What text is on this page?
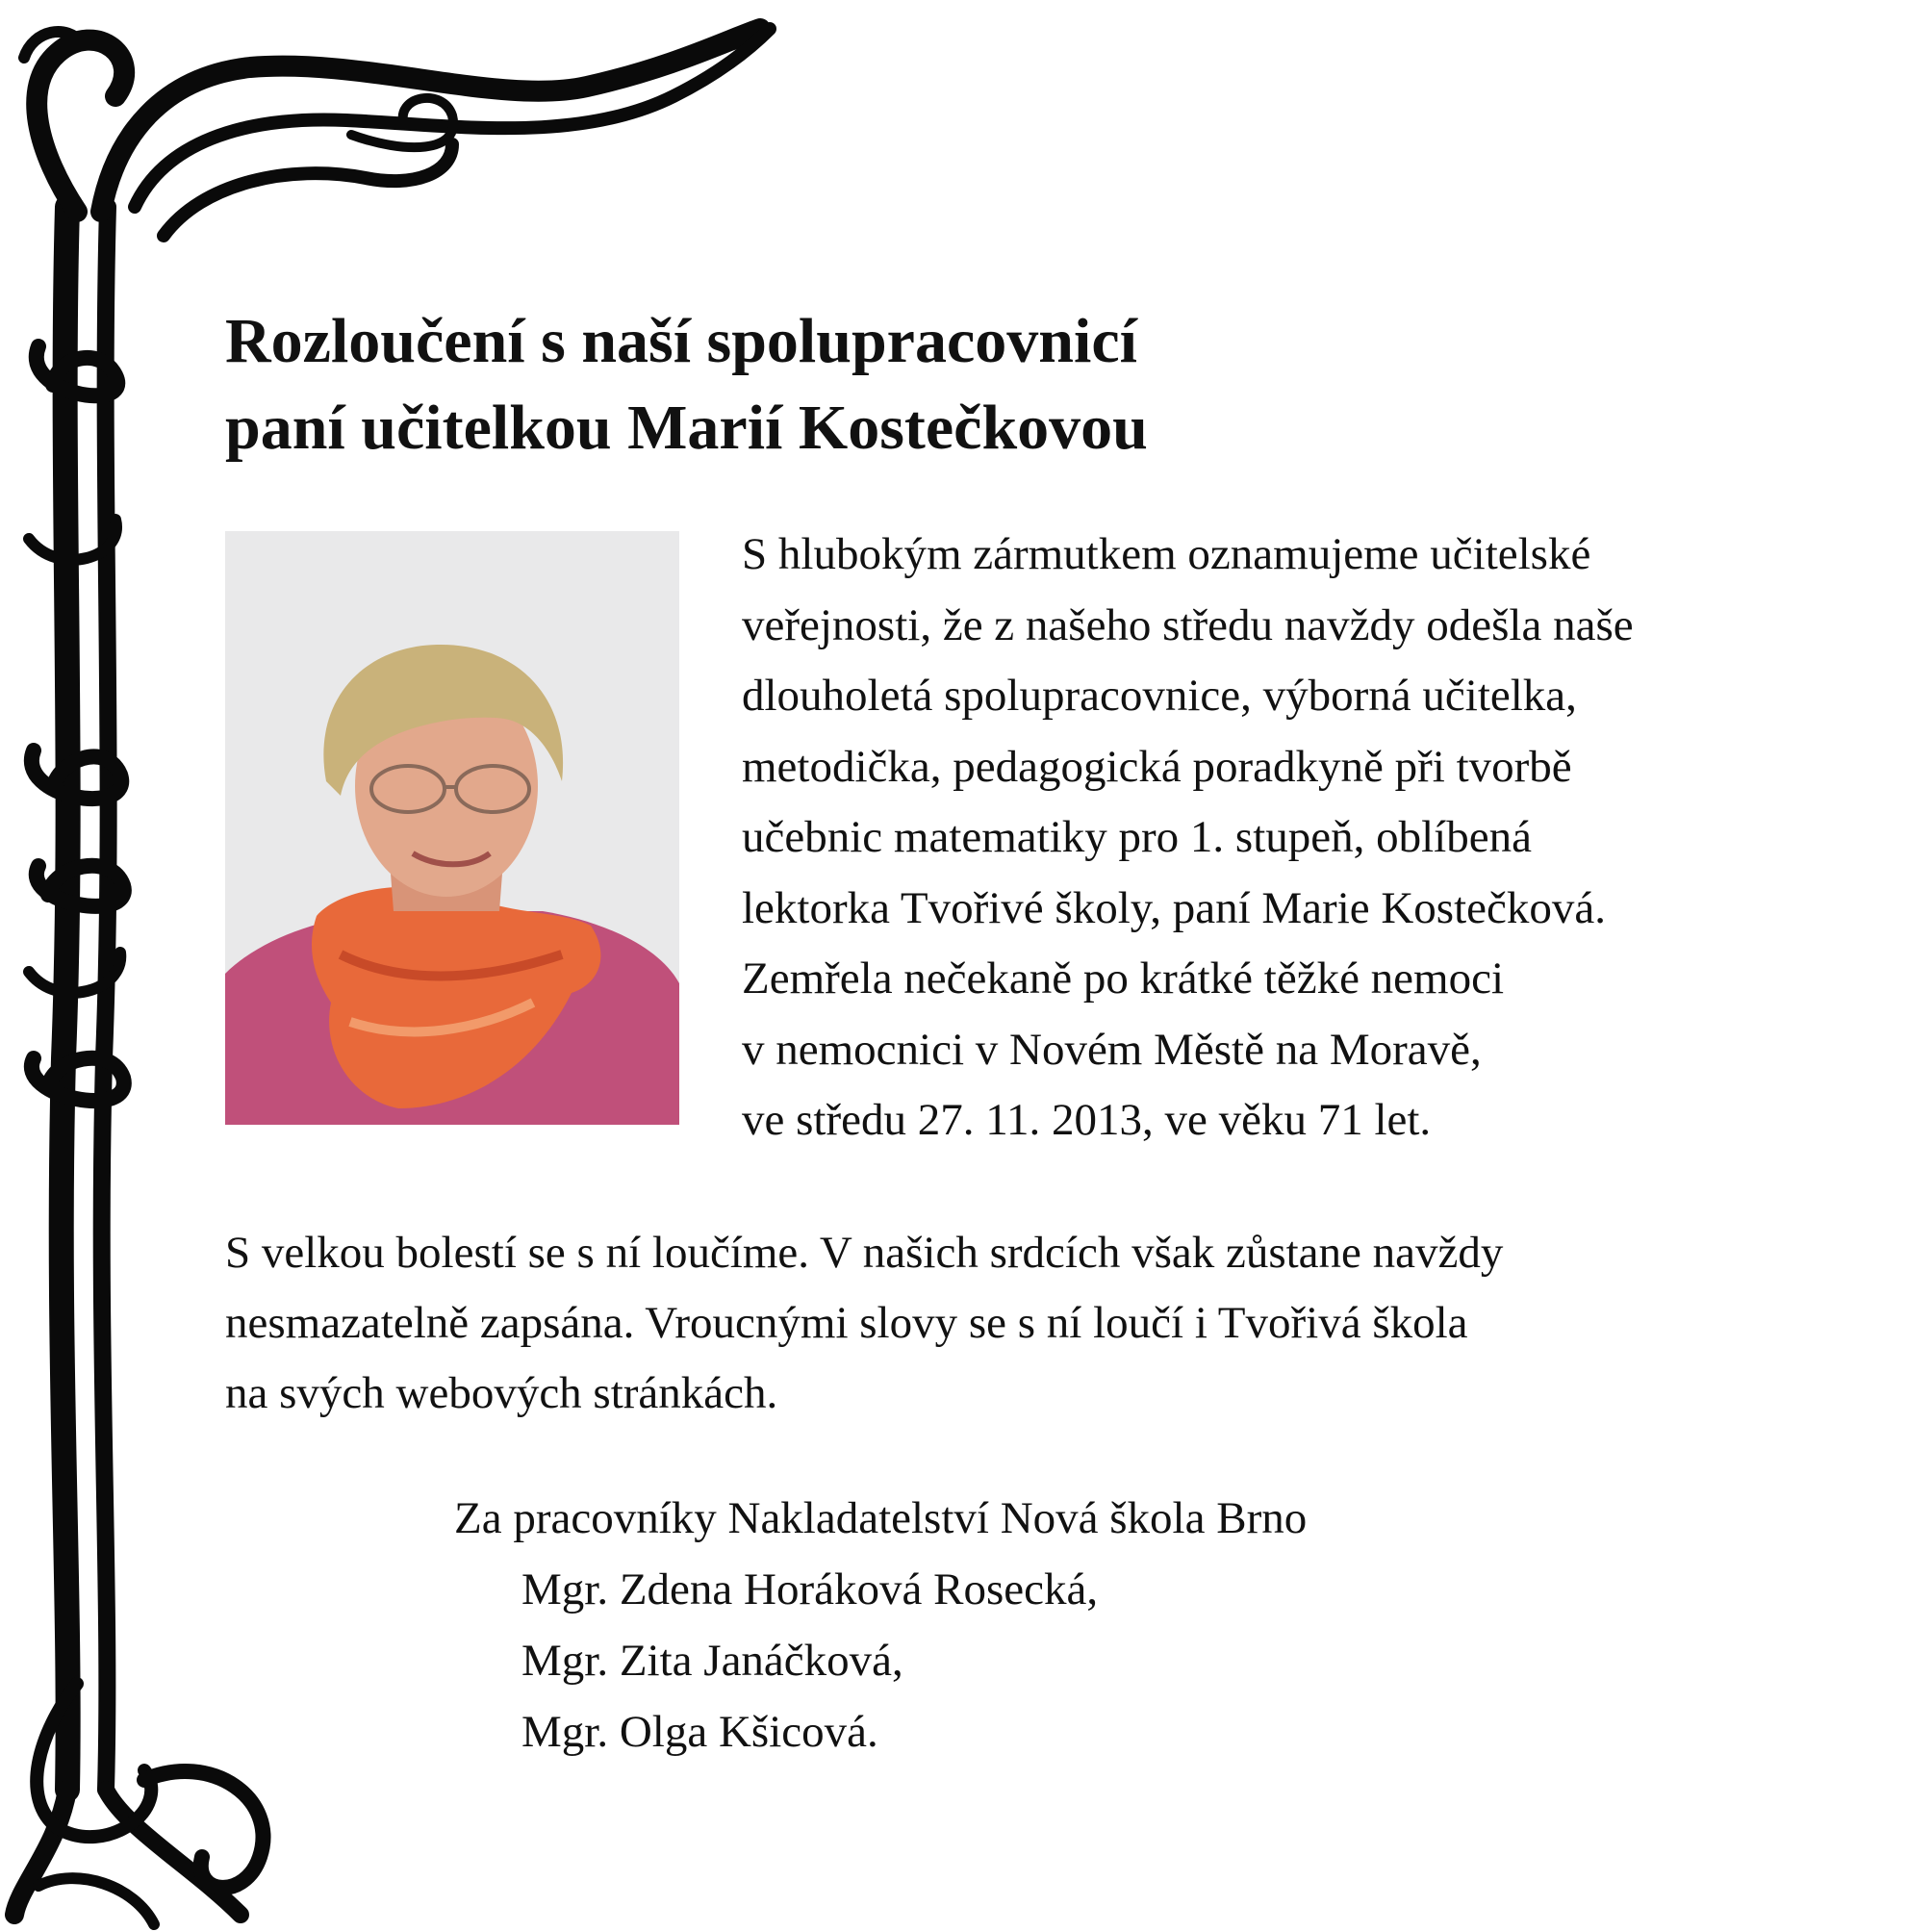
Rozloučení s naší spolupracovnicí
paní učitelkou Marií Kostečkovou
S hlubokým zármutkem oznamujeme učitelské
veřejnosti, že z našeho středu navždy odešla naše
dlouholetá spolupracovnice, výborná učitelka,
metodička, pedagogická poradkyně při tvorbě
učebnic matematiky pro 1. stupeň, oblíbená
lektorka Tvořivé školy, paní Marie Kostečková.
Zemřela nečekaně po krátké těžké nemoci
v nemocnici v Novém Městě na Moravě,
ve středu 27. 11. 2013, ve věku 71 let.
S velkou bolestí se s ní loučíme. V našich srdcích však zůstane navždy
nesmazatelně zapsána. Vroucnými slovy se s ní loučí i Tvořivá škola
na svých webových stránkách.
Za pracovníky Nakladatelství Nová škola Brno
Mgr. Zdena Horáková Rosecká,
Mgr. Zita Janáčková,
Mgr. Olga Kšicová.
